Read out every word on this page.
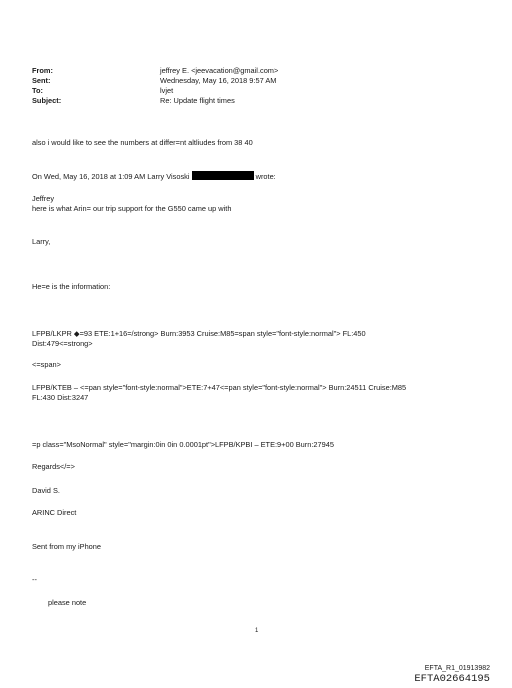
From:	jeffrey E. <jeevacation@gmail.com>
Sent:	Wednesday, May 16, 2018 9:57 AM
To:	lvjet
Subject:	Re: Update flight times
also i would like to see the numbers at differ=nt altliudes from 38 40
On Wed, May 16, 2018 at 1:09 AM Larry Visoski	wrote:
Jeffrey
here is what Arin= our trip support for the G550 came up with
Larry,
He=e is the information:
LFPB/LKPR ◆=93 ETE:1+16=/strong> Burn:3953 Cruise:M85=span style="font-style:normal"> FL:450
Dist:479<=strong>
<=span>
LFPB/KTEB – <=pan style="font-style:normal">ETE:7+47<=pan style="font-style:normal"> Burn:24511 Cruise:M85
FL:430 Dist:3247
=p class="MsoNormal" style="margin:0in 0in 0.0001pt">LFPB/KPBI – ETE:9+00 Burn:27945
Regards</=>
David S.
ARINC Direct
Sent from my iPhone
--
please note
1
EFTA_R1_01913982
EFTA02664195
